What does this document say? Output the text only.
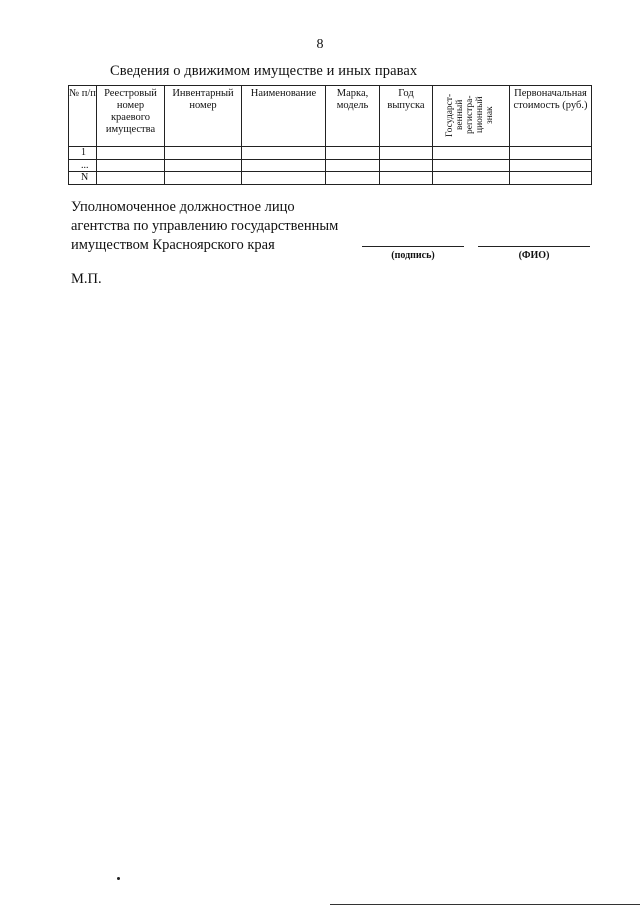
8
Сведения о движимом имуществе и иных правах
№ п/п	Реестровый номер краевого имущества	Инвентарный номер	Наименование	Марка, модель	Год выпуска	Государст-венный регистра-ционный знак	Первоначальная стоимость (руб.)
1							
...							
N							
Уполномоченное должностное лицо
агентства по управлению государственным
имуществом Красноярского края
(подпись)	(ФИО)
М.П.
